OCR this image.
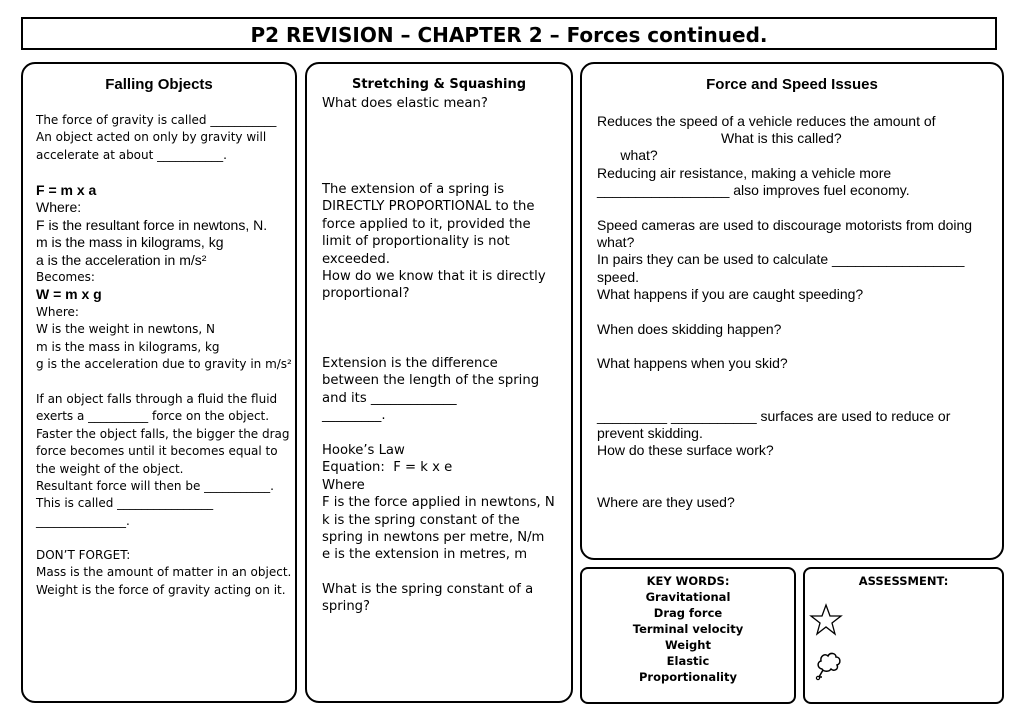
P2 REVISION – CHAPTER 2 – Forces continued.
Falling Objects
The force of gravity is called ___________
An object acted on only by gravity will
accelerate at about ___________.
F = m x a
Where:
F is the resultant force in newtons, N.
m is the mass in kilograms, kg
a is the acceleration in m/s²
Becomes:
W = m x g
Where:
W is the weight in newtons, N
m is the mass in kilograms, kg
g is the acceleration due to gravity in m/s²
If an object falls through a fluid the fluid
exerts a __________ force on the object.
Faster the object falls, the bigger the drag
force becomes until it becomes equal to
the weight of the object.
Resultant force will then be ___________.
This is called ________________
_______________.
DON’T FORGET:
Mass is the amount of matter in an object.
Weight is the force of gravity acting on it.
Stretching & Squashing
What does elastic mean?
The extension of a spring is
DIRECTLY PROPORTIONAL to the
force applied to it, provided the
limit of proportionality is not
exceeded.
How do we know that it is directly
proportional?
Extension is the difference
between the length of the spring
and its _____________
_________.
Hooke’s Law
Equation:  F = k x e
Where
F is the force applied in newtons, N
k is the spring constant of the
spring in newtons per metre, N/m
e is the extension in metres, m
What is the spring constant of a
spring?
Force and Speed Issues
Reduces the speed of a vehicle reduces the amount of

what?

What is this called?

Reducing air resistance, making a vehicle more
_________________ also improves fuel economy.
Speed cameras are used to discourage motorists from doing
what?
In pairs they can be used to calculate _________________
speed.
What happens if you are caught speeding?
When does skidding happen?
What happens when you skid?
_________ ___________ surfaces are used to reduce or
prevent skidding.
How do these surface work?
Where are they used?
KEY WORDS:
Gravitational
Drag force
Terminal velocity
Weight
Elastic
Proportionality
ASSESSMENT:
